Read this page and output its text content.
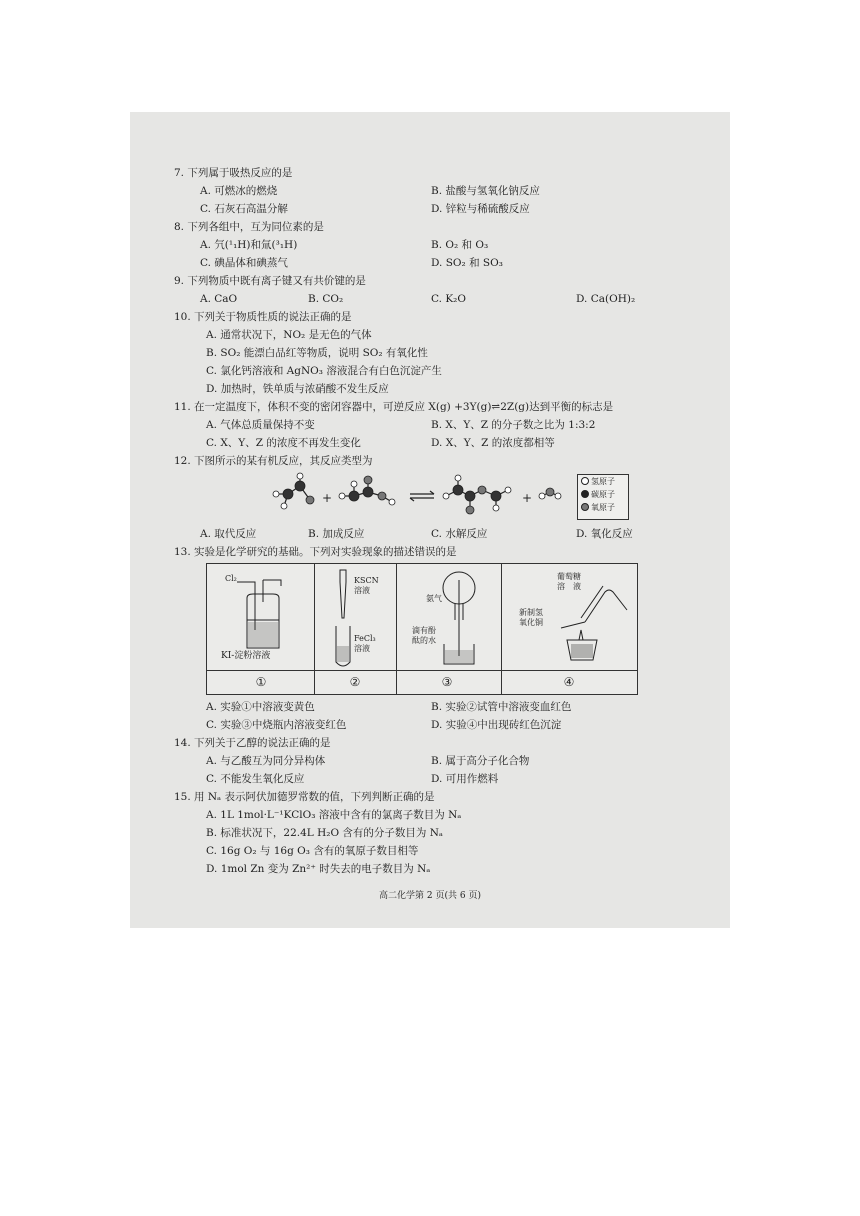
7. 下列属于吸热反应的是
A. 可燃冰的燃烧	B. 盐酸与氢氧化钠反应
C. 石灰石高温分解	D. 锌粒与稀硫酸反应
8. 下列各组中，互为同位素的是
A. 氕(¹₁H)和氚(³₁H)	B. O₂ 和 O₃
C. 碘晶体和碘蒸气	D. SO₂ 和 SO₃
9. 下列物质中既有离子键又有共价键的是
A. CaO	B. CO₂	C. K₂O	D. Ca(OH)₂
10. 下列关于物质性质的说法正确的是
A. 通常状况下，NO₂ 是无色的气体
B. SO₂ 能漂白品红等物质，说明 SO₂ 有氧化性
C. 氯化钙溶液和 AgNO₃ 溶液混合有白色沉淀产生
D. 加热时，铁单质与浓硝酸不发生反应
11. 在一定温度下，体积不变的密闭容器中，可逆反应 X(g) +3Y(g)⇌2Z(g)达到平衡的标志是
A. 气体总质量保持不变	B. X、Y、Z 的分子数之比为 1:3:2
C. X、Y、Z 的浓度不再发生变化	D. X、Y、Z 的浓度都相等
12. 下图所示的某有机反应，其反应类型为
+	+
氢原子
碳原子
氧原子
A. 取代反应	B. 加成反应	C. 水解反应	D. 氧化反应
13. 实验是化学研究的基础。下列对实验现象的描述错误的是
Cl₂
KI-淀粉溶液
KSCN
溶液
FeCl₃
溶液
氨气
滴有酚
酞的水
葡萄糖
溶　液
新制氢
氧化铜
①	②	③	④
A. 实验①中溶液变黄色	B. 实验②试管中溶液变血红色
C. 实验③中烧瓶内溶液变红色	D. 实验④中出现砖红色沉淀
14. 下列关于乙醇的说法正确的是
A. 与乙酸互为同分异构体	B. 属于高分子化合物
C. 不能发生氧化反应	D. 可用作燃料
15. 用 Nₐ 表示阿伏加德罗常数的值，下列判断正确的是
A. 1L 1mol·L⁻¹KClO₃ 溶液中含有的氯离子数目为 Nₐ
B. 标准状况下，22.4L H₂O 含有的分子数目为 Nₐ
C. 16g O₂ 与 16g O₃ 含有的氧原子数目相等
D. 1mol Zn 变为 Zn²⁺ 时失去的电子数目为 Nₐ
高二化学第 2 页(共 6 页)
